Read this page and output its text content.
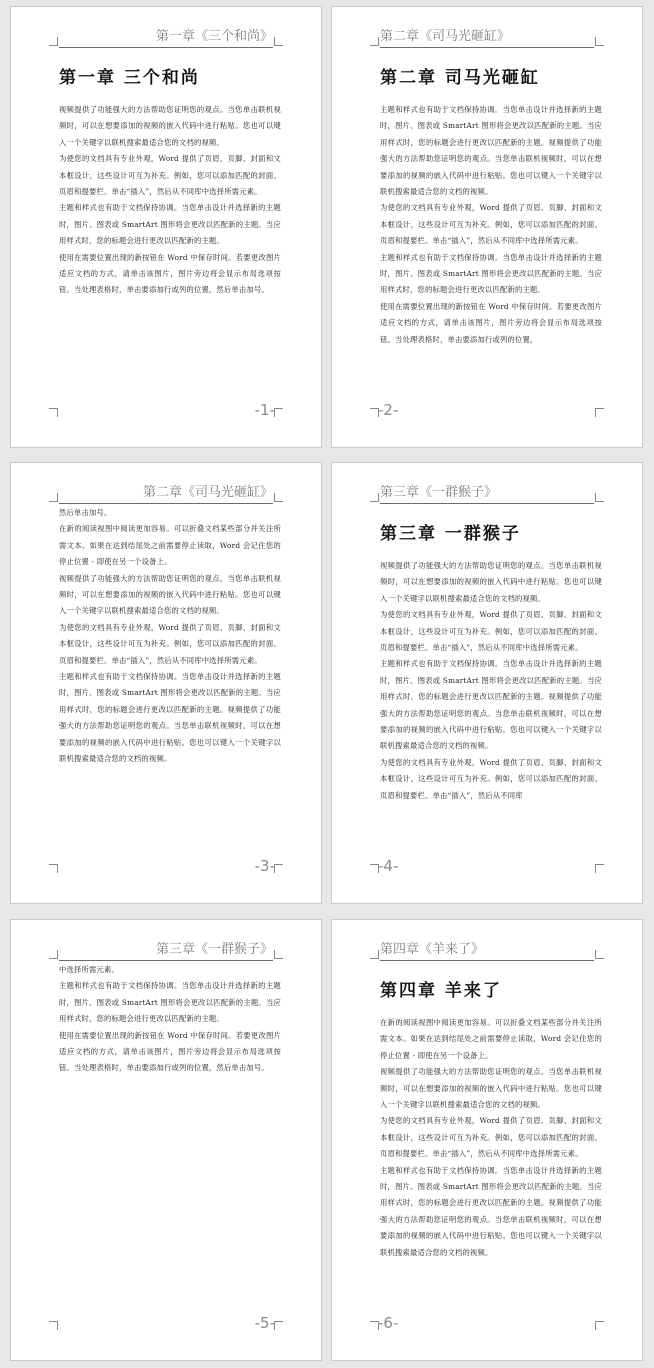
第一章《三个和尚》
第一章 三个和尚

视频提供了功能强大的方法帮助您证明您的观点。当您单击联机视频时，可以在想要添加的视频的嵌入代码中进行粘贴。您也可以键入一个关键字以联机搜索最适合您的文档的视频。

为使您的文档具有专业外观，Word 提供了页眉、页脚、封面和文本框设计，这些设计可互为补充。例如，您可以添加匹配的封面、页眉和提要栏。单击“插入”，然后从不同库中选择所需元素。

主题和样式也有助于文档保持协调。当您单击设计并选择新的主题时，图片、图表或 SmartArt 图形将会更改以匹配新的主题。当应用样式时，您的标题会进行更改以匹配新的主题。

使用在需要位置出现的新按钮在 Word 中保存时间。若要更改图片适应文档的方式，请单击该图片，图片旁边将会显示布局选项按钮。当处理表格时，单击要添加行或列的位置，然后单击加号。

-1-
第二章《司马光砸缸》
第二章 司马光砸缸

主题和样式也有助于文档保持协调。当您单击设计并选择新的主题时，图片、图表或 SmartArt 图形将会更改以匹配新的主题。当应用样式时，您的标题会进行更改以匹配新的主题。视频提供了功能强大的方法帮助您证明您的观点。当您单击联机视频时，可以在想要添加的视频的嵌入代码中进行粘贴。您也可以键入一个关键字以联机搜索最适合您的文档的视频。

为使您的文档具有专业外观，Word 提供了页眉、页脚、封面和文本框设计，这些设计可互为补充。例如，您可以添加匹配的封面、页眉和提要栏。单击“插入”，然后从不同库中选择所需元素。

主题和样式也有助于文档保持协调。当您单击设计并选择新的主题时，图片、图表或 SmartArt 图形将会更改以匹配新的主题。当应用样式时，您的标题会进行更改以匹配新的主题。

使用在需要位置出现的新按钮在 Word 中保存时间。若要更改图片适应文档的方式，请单击该图片，图片旁边将会显示布局选项按钮。当处理表格时，单击要添加行或列的位置，

-2-
第二章《司马光砸缸》

然后单击加号。

在新的阅读视图中阅读更加容易。可以折叠文档某些部分并关注所需文本。如果在达到结尾处之前需要停止读取，Word 会记住您的停止位置 - 即使在另一个设备上。

视频提供了功能强大的方法帮助您证明您的观点。当您单击联机视频时，可以在想要添加的视频的嵌入代码中进行粘贴。您也可以键入一个关键字以联机搜索最适合您的文档的视频。

为使您的文档具有专业外观，Word 提供了页眉、页脚、封面和文本框设计，这些设计可互为补充。例如，您可以添加匹配的封面、页眉和提要栏。单击“插入”，然后从不同库中选择所需元素。

主题和样式也有助于文档保持协调。当您单击设计并选择新的主题时，图片、图表或 SmartArt 图形将会更改以匹配新的主题。当应用样式时，您的标题会进行更改以匹配新的主题。视频提供了功能强大的方法帮助您证明您的观点。当您单击联机视频时，可以在想要添加的视频的嵌入代码中进行粘贴。您也可以键入一个关键字以联机搜索最适合您的文档的视频。

-3-
第三章《一群猴子》
第三章 一群猴子

视频提供了功能强大的方法帮助您证明您的观点。当您单击联机视频时，可以在想要添加的视频的嵌入代码中进行粘贴。您也可以键入一个关键字以联机搜索最适合您的文档的视频。

为使您的文档具有专业外观，Word 提供了页眉、页脚、封面和文本框设计，这些设计可互为补充。例如，您可以添加匹配的封面、页眉和提要栏。单击“插入”，然后从不同库中选择所需元素。

主题和样式也有助于文档保持协调。当您单击设计并选择新的主题时，图片、图表或 SmartArt 图形将会更改以匹配新的主题。当应用样式时，您的标题会进行更改以匹配新的主题。视频提供了功能强大的方法帮助您证明您的观点。当您单击联机视频时，可以在想要添加的视频的嵌入代码中进行粘贴。您也可以键入一个关键字以联机搜索最适合您的文档的视频。

为使您的文档具有专业外观，Word 提供了页眉、页脚、封面和文本框设计，这些设计可互为补充。例如，您可以添加匹配的封面、页眉和提要栏。单击“插入”，然后从不同库

-4-
第三章《一群猴子》

中选择所需元素。

主题和样式也有助于文档保持协调。当您单击设计并选择新的主题时，图片、图表或 SmartArt 图形将会更改以匹配新的主题。当应用样式时，您的标题会进行更改以匹配新的主题。

使用在需要位置出现的新按钮在 Word 中保存时间。若要更改图片适应文档的方式，请单击该图片，图片旁边将会显示布局选项按钮。当处理表格时，单击要添加行或列的位置，然后单击加号。

-5-
第四章《羊来了》
第四章 羊来了

在新的阅读视图中阅读更加容易。可以折叠文档某些部分并关注所需文本。如果在达到结尾处之前需要停止读取，Word 会记住您的停止位置 - 即使在另一个设备上。

视频提供了功能强大的方法帮助您证明您的观点。当您单击联机视频时，可以在想要添加的视频的嵌入代码中进行粘贴。您也可以键入一个关键字以联机搜索最适合您的文档的视频。

为使您的文档具有专业外观，Word 提供了页眉、页脚、封面和文本框设计，这些设计可互为补充。例如，您可以添加匹配的封面、页眉和提要栏。单击“插入”，然后从不同库中选择所需元素。

主题和样式也有助于文档保持协调。当您单击设计并选择新的主题时，图片、图表或 SmartArt 图形将会更改以匹配新的主题。当应用样式时，您的标题会进行更改以匹配新的主题。视频提供了功能强大的方法帮助您证明您的观点。当您单击联机视频时，可以在想要添加的视频的嵌入代码中进行粘贴。您也可以键入一个关键字以联机搜索最适合您的文档的视频。

-6-
